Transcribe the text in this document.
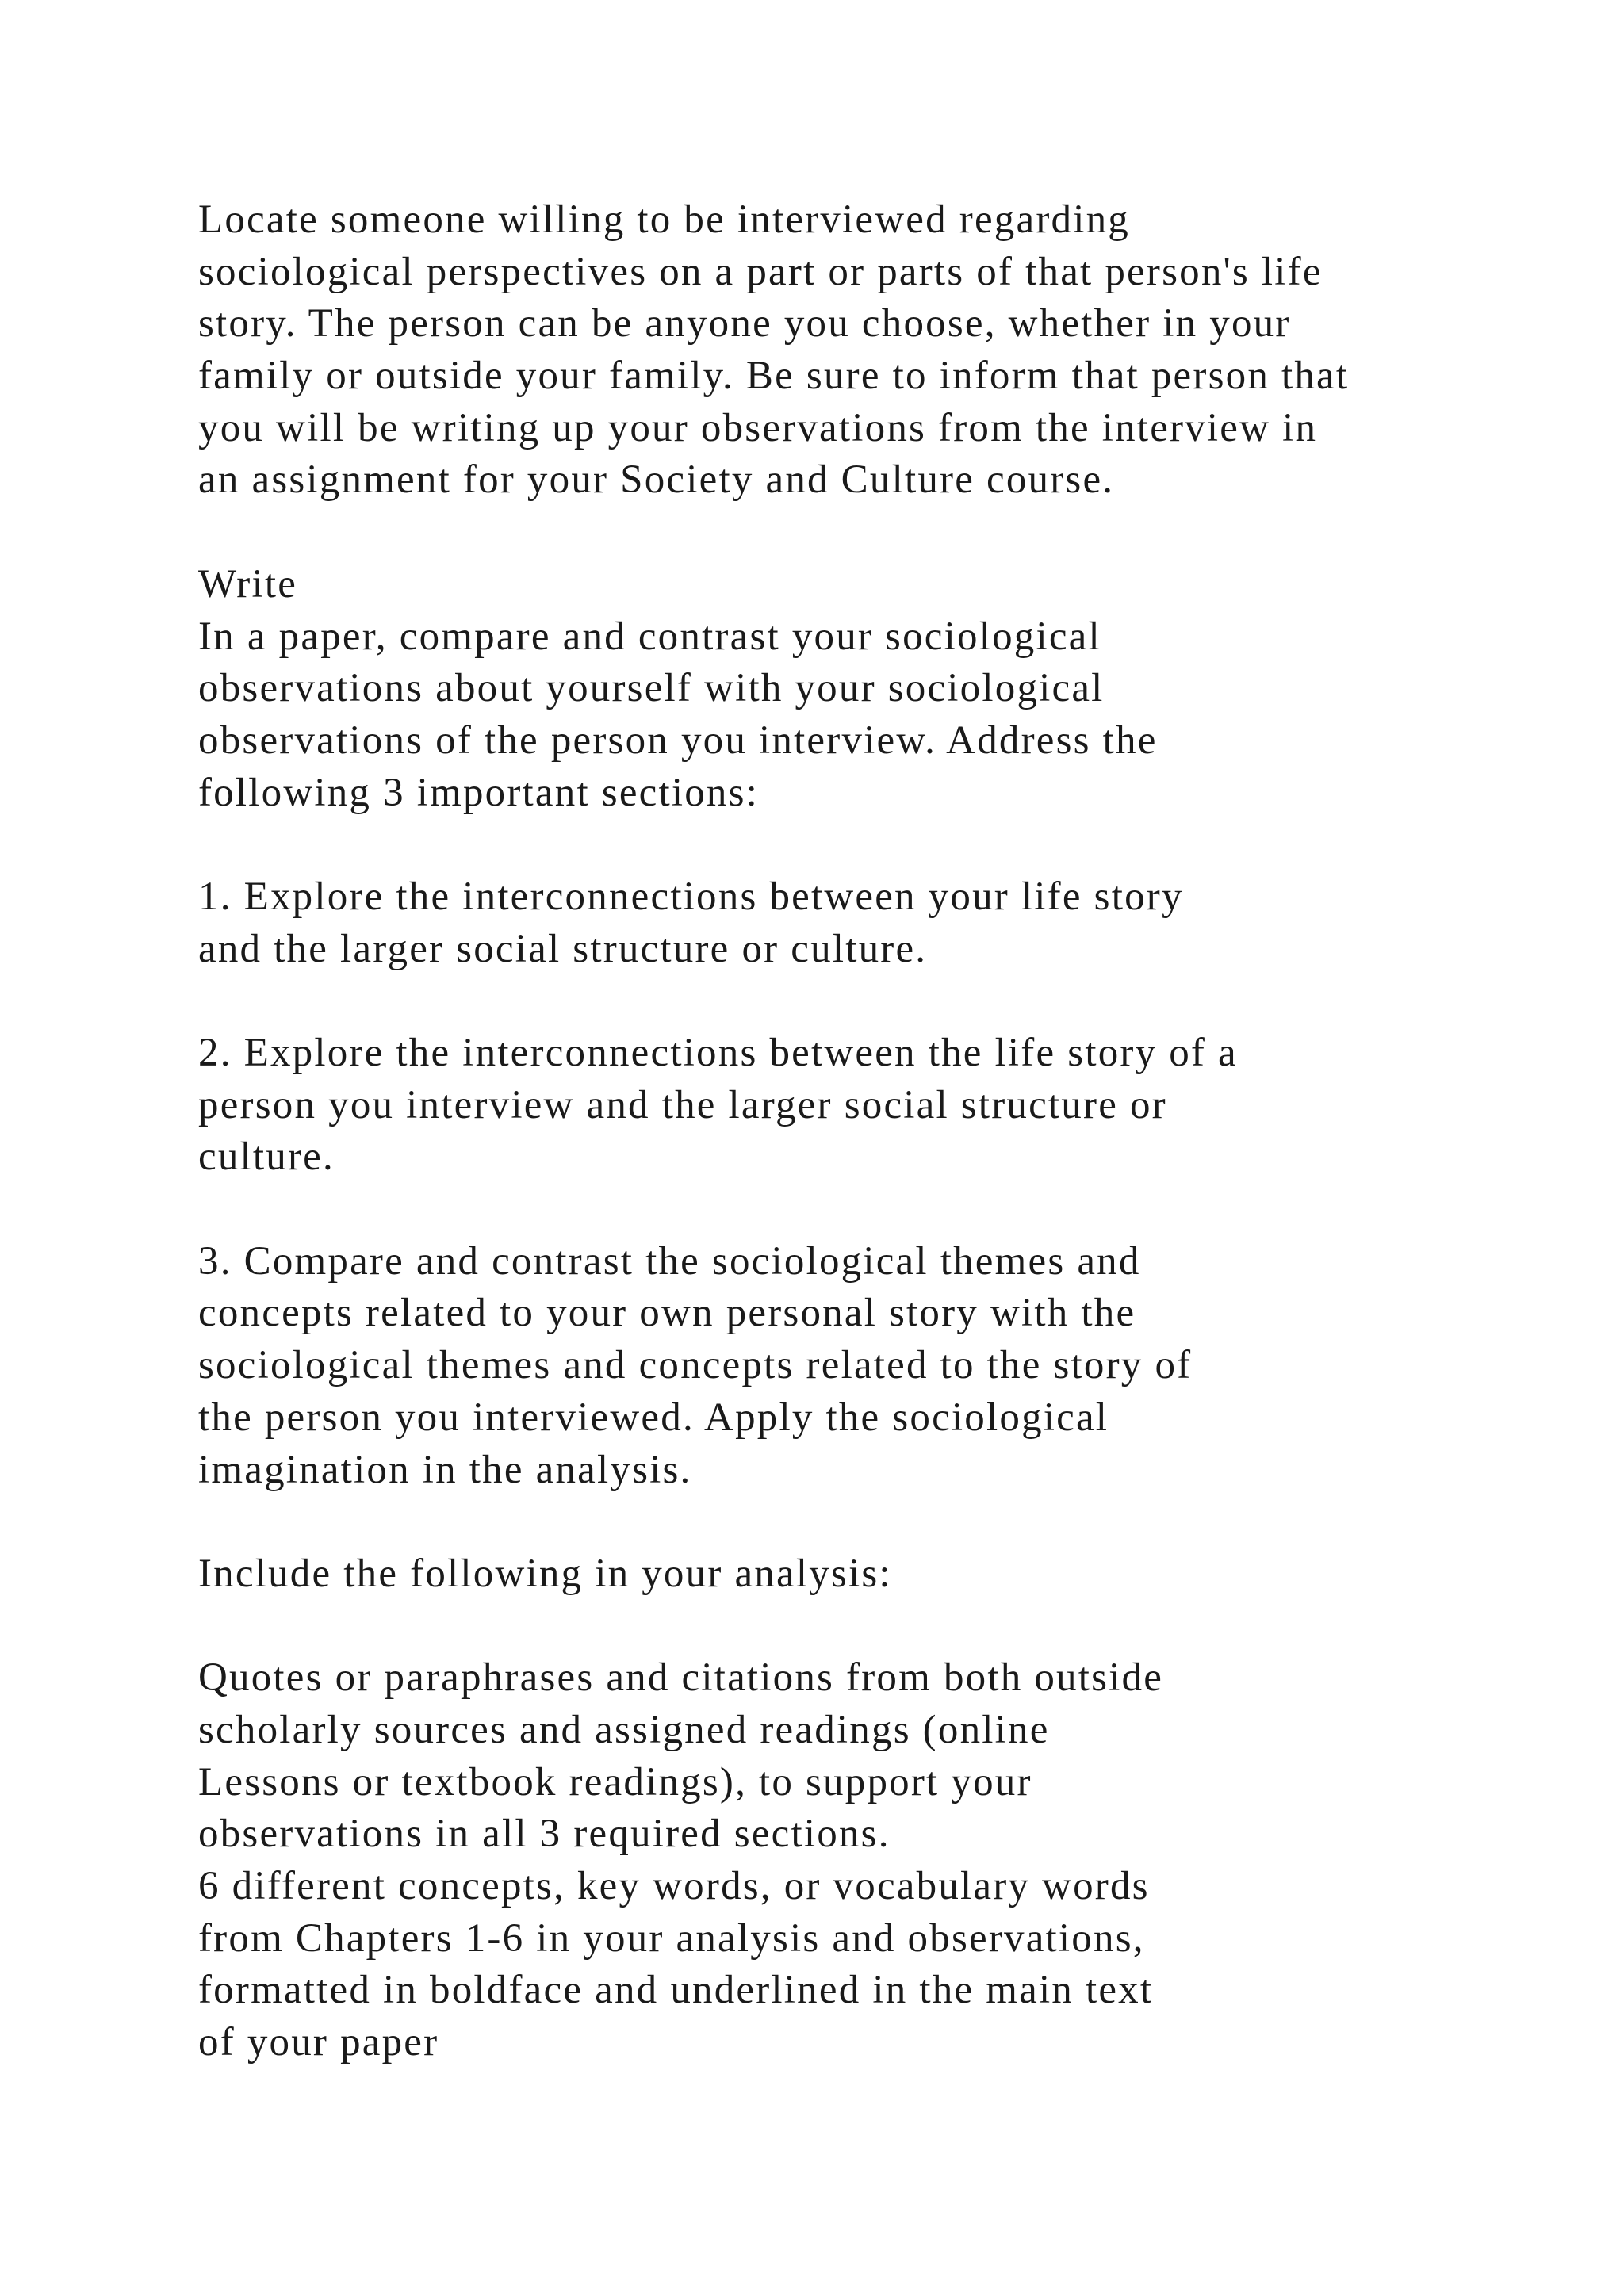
Locate someone willing to be interviewed regarding
sociological perspectives on a part or parts of that person's life
story. The person can be anyone you choose, whether in your
family or outside your family. Be sure to inform that person that
you will be writing up your observations from the interview in
an assignment for your Society and Culture course.
Write
In a paper, compare and contrast your sociological
observations about yourself with your sociological
observations of the person you interview. Address the
following 3 important sections:
1. Explore the interconnections between your life story
and the larger social structure or culture.
2. Explore the interconnections between the life story of a
person you interview and the larger social structure or
culture.
3. Compare and contrast the sociological themes and
concepts related to your own personal story with the
sociological themes and concepts related to the story of
the person you interviewed. Apply the sociological
imagination in the analysis.
Include the following in your analysis:
Quotes or paraphrases and citations from both outside
scholarly sources and assigned readings (online
Lessons or textbook readings), to support your
observations in all 3 required sections.
6 different concepts, key words, or vocabulary words
from Chapters 1-6 in your analysis and observations,
formatted in boldface and underlined in the main text
of your paper
